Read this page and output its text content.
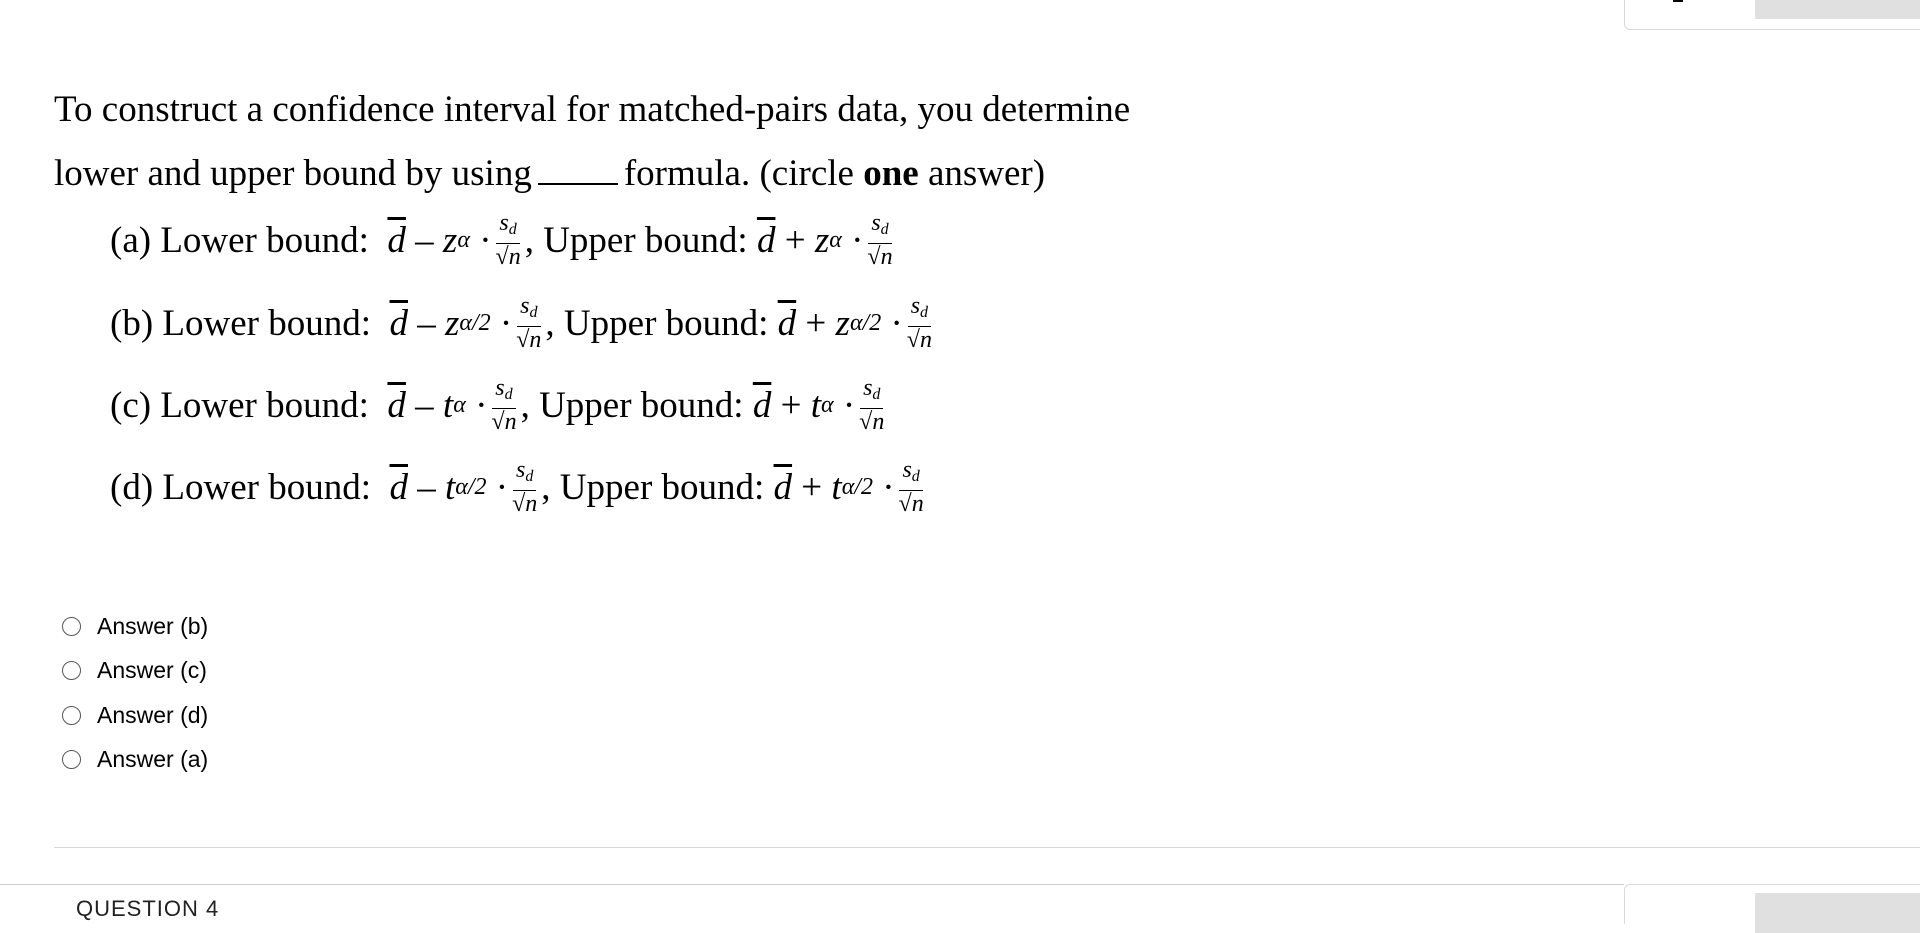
To construct a confidence interval for matched-pairs data, you determine
lower and upper bound by using formula. (circle one answer)
(a) Lower bound:
$\overline{d}$
–
z α
· $\frac{sd}{√n}$ ,
Upper bound:
$\overline{d}$
+
z α
· $\frac{sd}{√n}$
(b) Lower bound:
$\overline{d}$
–
z α/2
· $\frac{sd}{√n}$ ,
Upper bound:
$\overline{d}$
+
z α/2
· $\frac{sd}{√n}$
(c) Lower bound:
$\overline{d}$
–
t α
· $\frac{sd}{√n}$ ,
Upper bound:
$\overline{d}$
+
t α
· $\frac{sd}{√n}$
(d) Lower bound:
$\overline{d}$
–
t α/2
· $\frac{sd}{√n}$ ,
Upper bound:
$\overline{d}$
+
t α/2
· $\frac{sd}{√n}$
Answer (b)
Answer (c)
Answer (d)
Answer (a)
QUESTION 4
